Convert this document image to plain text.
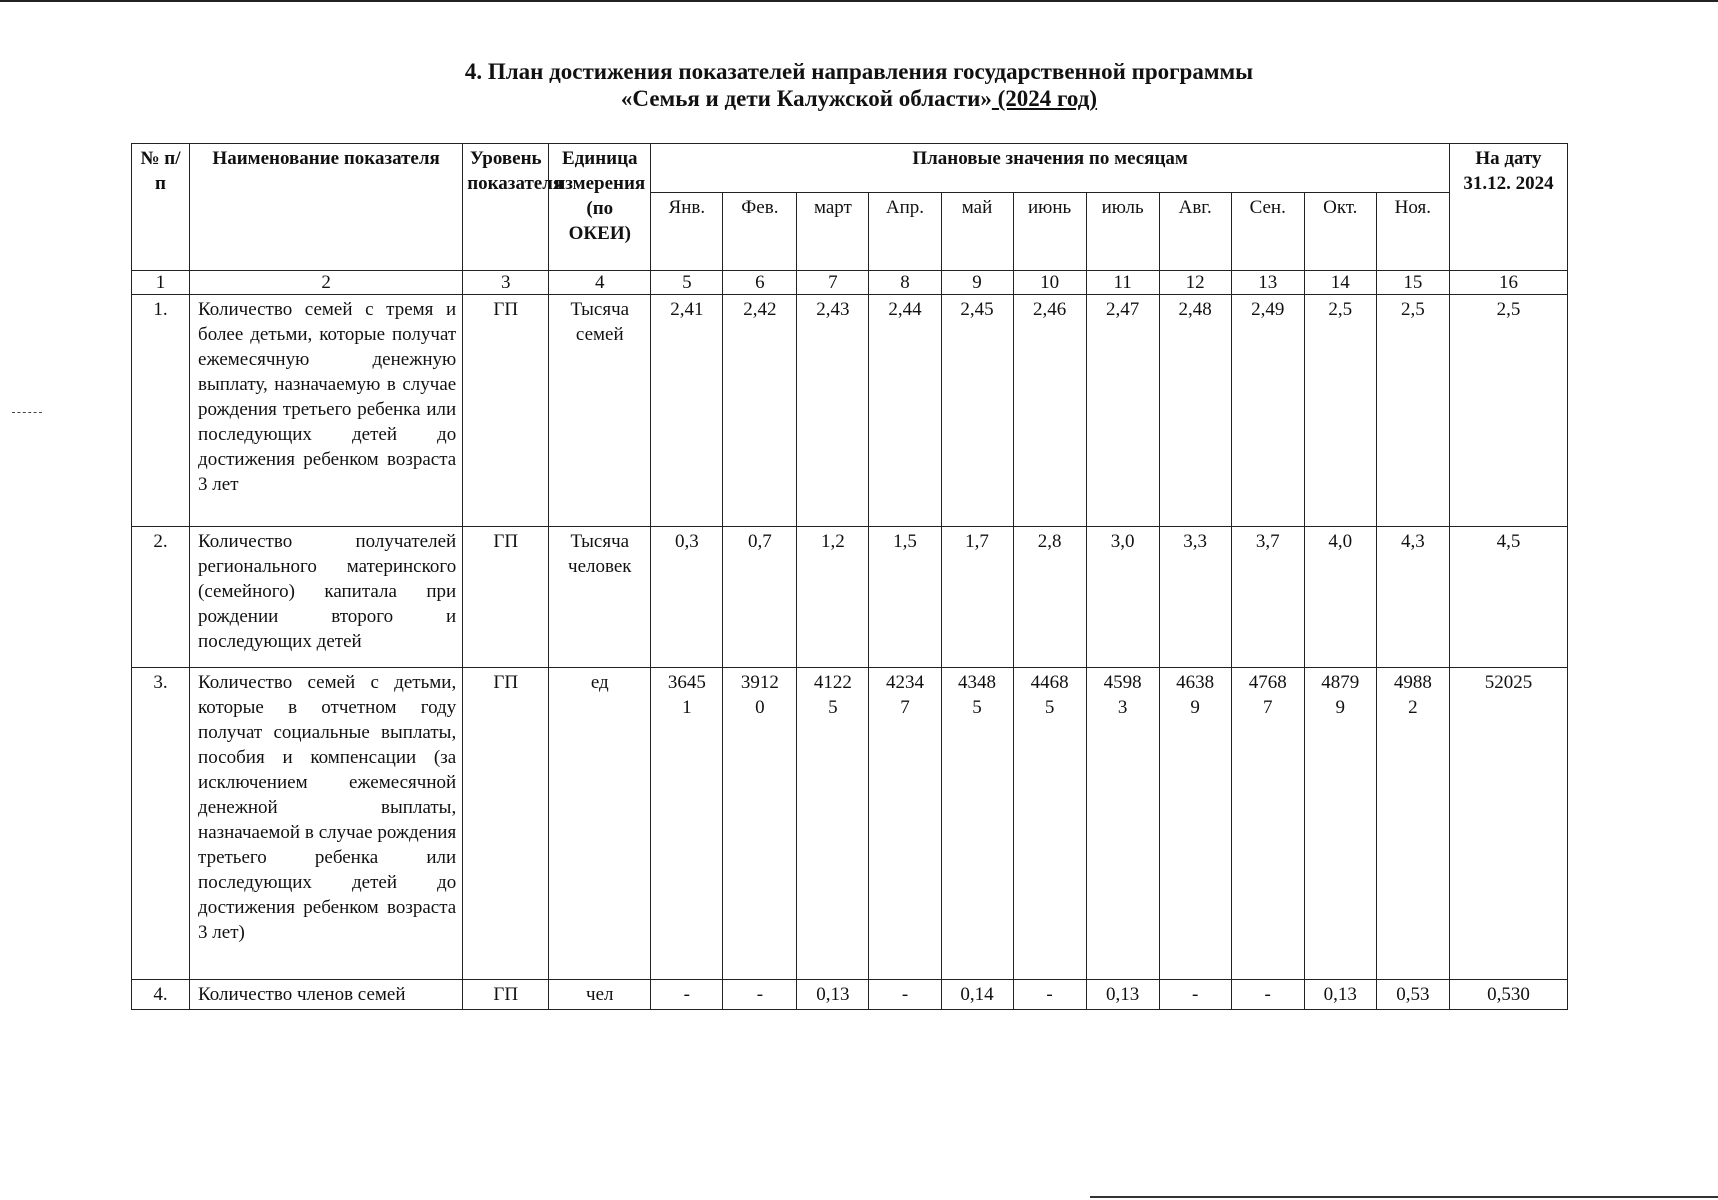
4. План достижения показателей направления государственной программы
«Семья и дети Калужской области» (2024 год)
№ п/п	Наименование показателя	Уровень показателя	Единица измерения (по ОКЕИ)	Плановые значения по месяцам											На дату 31.12. 2024
				Янв.	Фев.	март	Апр.	май	июнь	июль	Авг.	Сен.	Окт.	Ноя.	
1	2	3	4	5	6	7	8	9	10	11	12	13	14	15	16
1.	Количество семей с тремя и более детьми, которые получат ежемесячную денежную выплату, назначаемую в случае рождения третьего ребенка или последующих детей до достижения ребенком возраста 3 лет	ГП	Тысяча семей	2,41	2,42	2,43	2,44	2,45	2,46	2,47	2,48	2,49	2,5	2,5	2,5
2.	Количество получателей регионального материнского (семейного) капитала при рождении второго и последующих детей	ГП	Тысяча человек	0,3	0,7	1,2	1,5	1,7	2,8	3,0	3,3	3,7	4,0	4,3	4,5
3.	Количество семей с детьми, которые в отчетном году получат социальные выплаты, пособия и компенсации (за исключением ежемесячной денежной выплаты, назначаемой в случае рождения третьего ребенка или последующих детей до достижения ребенком возраста 3 лет)	ГП	ед	36451	39120	41225	42347	43485	44685	45983	46389	47687	48799	49882	52025
4.	Количество членов семей	ГП	чел	-	-	0,13	-	0,14	-	0,13	-	-	0,13	0,53	0,530
